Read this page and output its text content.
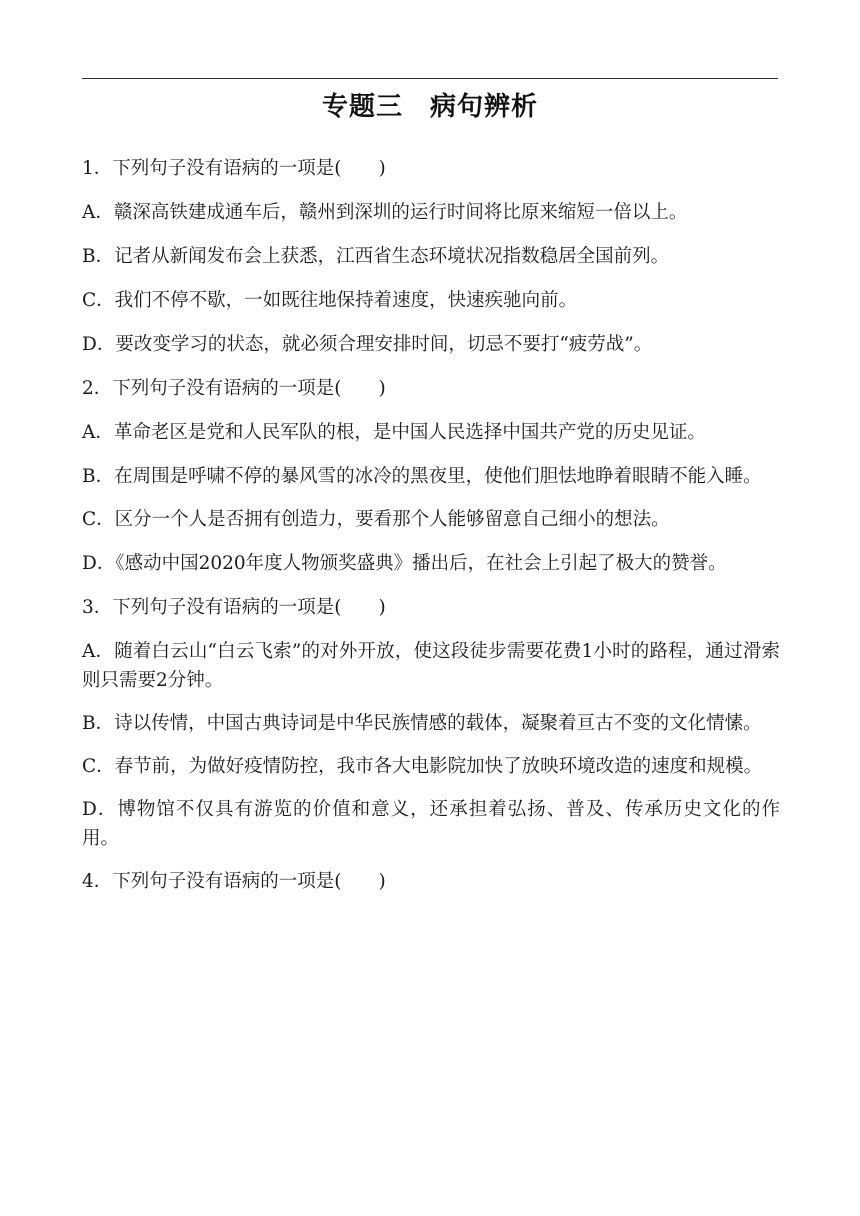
专题三　病句辨析

1．下列句子没有语病的一项是(　　)

A．赣深高铁建成通车后，赣州到深圳的运行时间将比原来缩短一倍以上。

B．记者从新闻发布会上获悉，江西省生态环境状况指数稳居全国前列。

C．我们不停不歇，一如既往地保持着速度，快速疾驰向前。

D．要改变学习的状态，就必须合理安排时间，切忌不要打“疲劳战”。

2．下列句子没有语病的一项是(　　)

A．革命老区是党和人民军队的根，是中国人民选择中国共产党的历史见证。

B．在周围是呼啸不停的暴风雪的冰冷的黑夜里，使他们胆怯地睁着眼睛不能入睡。

C．区分一个人是否拥有创造力，要看那个人能够留意自己细小的想法。

D．《感动中国2020年度人物颁奖盛典》播出后，在社会上引起了极大的赞誉。

3．下列句子没有语病的一项是(　　)

A．随着白云山“白云飞索”的对外开放，使这段徒步需要花费1小时的路程，通过滑索则只需要2分钟。

B．诗以传情，中国古典诗词是中华民族情感的载体，凝聚着亘古不变的文化情愫。

C．春节前，为做好疫情防控，我市各大电影院加快了放映环境改造的速度和规模。

D．博物馆不仅具有游览的价值和意义，还承担着弘扬、普及、传承历史文化的作用。

4．下列句子没有语病的一项是(　　)
